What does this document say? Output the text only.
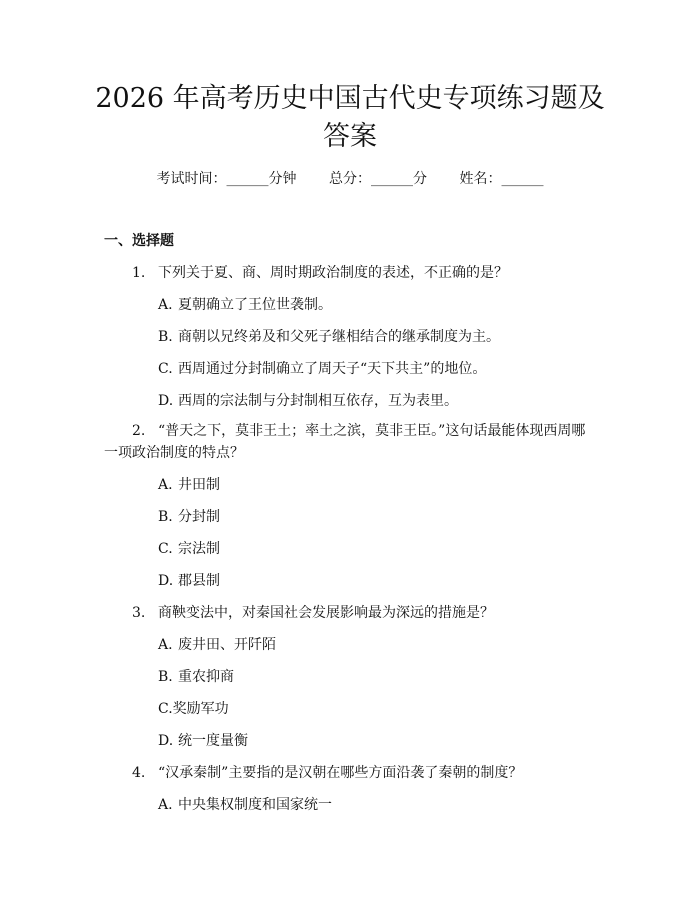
2026 年高考历史中国古代史专项练习题及答案
考试时间：______分钟 总分：______分 姓名：______
一、选择题
1. 下列关于夏、商、周时期政治制度的表述，不正确的是？
A. 夏朝确立了王位世袭制。
B. 商朝以兄终弟及和父死子继相结合的继承制度为主。
C. 西周通过分封制确立了周天子“天下共主”的地位。
D. 西周的宗法制与分封制相互依存，互为表里。
2. “普天之下，莫非王土；率土之滨，莫非王臣。”这句话最能体现西周哪一项政治制度的特点？
A. 井田制
B. 分封制
C. 宗法制
D. 郡县制
3. 商鞅变法中，对秦国社会发展影响最为深远的措施是？
A. 废井田、开阡陌
B. 重农抑商
C.奖励军功
D. 统一度量衡
4. “汉承秦制”主要指的是汉朝在哪些方面沿袭了秦朝的制度？
A. 中央集权制度和国家统一
